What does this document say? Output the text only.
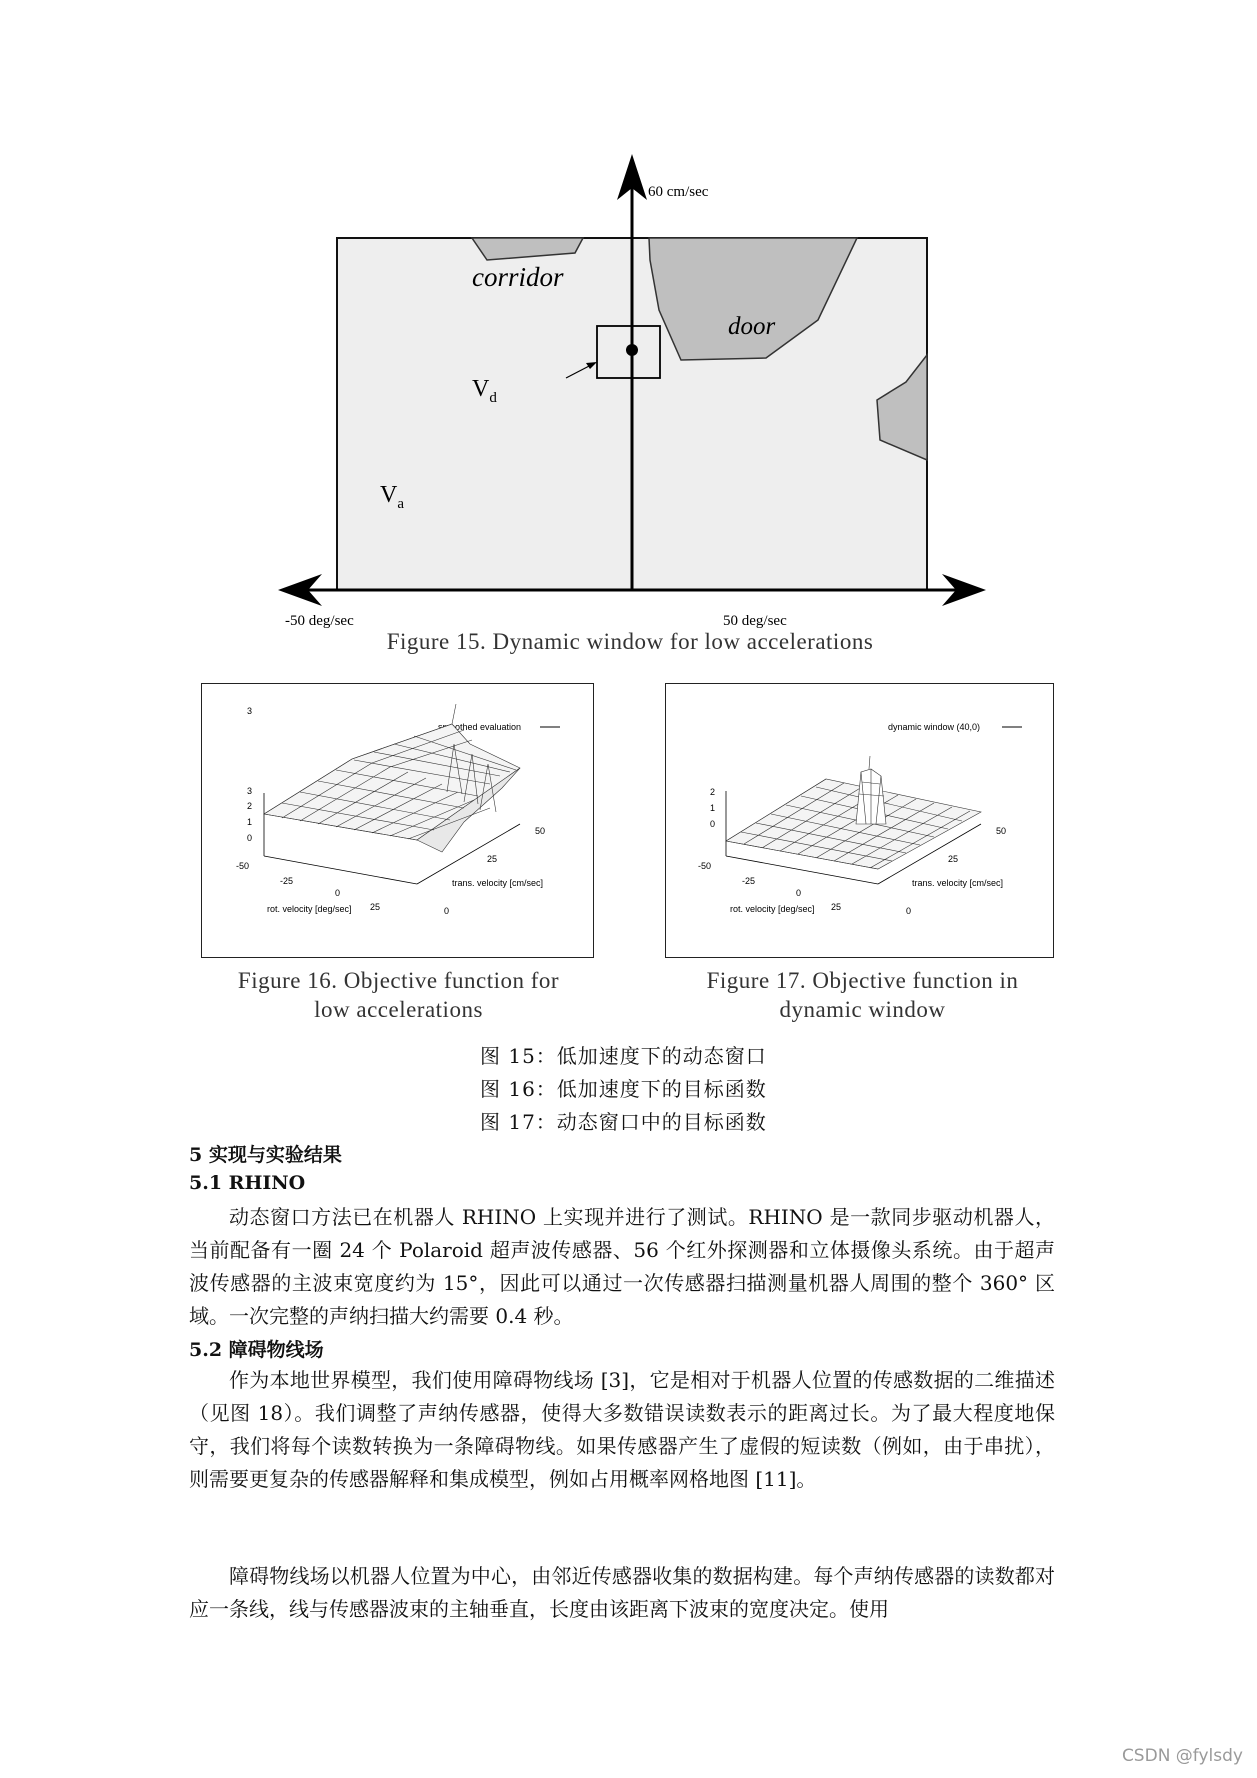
60 cm/sec
-50 deg/sec	50 deg/sec
corridor
door
$V_d$
$V_a$
Figure 15. Dynamic window for low accelerations
smoothed evaluation
3
3
2
1
0
-50
-25
0
25
50
25
0
rot. velocity [deg/sec]
trans. velocity [cm/sec]
Figure 16. Objective function for
low accelerations
dynamic window (40,0)
2
1
0
-50
-25
0
25
50
25
0
rot. velocity [deg/sec]
trans. velocity [cm/sec]
Figure 17. Objective function in
dynamic window
图 15：低加速度下的动态窗口
图 16：低加速度下的目标函数
图 17：动态窗口中的目标函数
5 实现与实验结果
5.1 RHINO
动态窗口方法已在机器人 RHINO 上实现并进行了测试。RHINO 是一款同步驱动机器人，当前配备有一圈 24 个 Polaroid 超声波传感器、56 个红外探测器和立体摄像头系统。由于超声波传感器的主波束宽度约为 15°，因此可以通过一次传感器扫描测量机器人周围的整个 360° 区域。一次完整的声纳扫描大约需要 0.4 秒。
5.2 障碍物线场
作为本地世界模型，我们使用障碍物线场 [3]，它是相对于机器人位置的传感数据的二维描述（见图 18）。我们调整了声纳传感器，使得大多数错误读数表示的距离过长。为了最大程度地保守，我们将每个读数转换为一条障碍物线。如果传感器产生了虚假的短读数（例如，由于串扰），则需要更复杂的传感器解释和集成模型，例如占用概率网格地图 [11]。
障碍物线场以机器人位置为中心，由邻近传感器收集的数据构建。每个声纳传感器的读数都对应一条线，线与传感器波束的主轴垂直，长度由该距离下波束的宽度决定。使用
CSDN @fylsdy
